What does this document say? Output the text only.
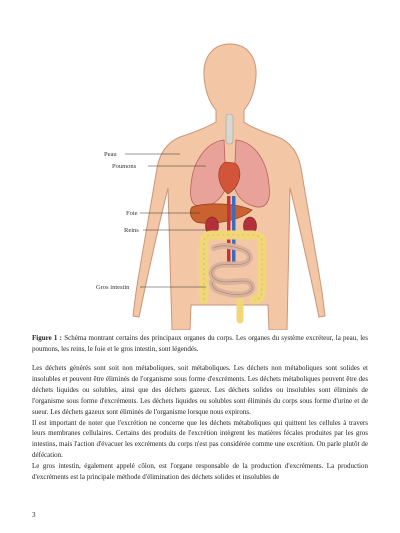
Peau
Poumons
Foie
Reins
Gros intestin

Figure 1 : Schéma montrant certains des principaux organes du corps. Les organes du système excréteur, la peau, les poumons, les reins, le foie et le gros intestin, sont légendés.

Les déchets générés sont soit non métaboliques, soit métaboliques. Les déchets non métaboliques sont solides et insolubles et peuvent être éliminés de l'organisme sous forme d'excréments. Les déchets métaboliques peuvent être des déchets liquides ou solubles, ainsi que des déchets gazeux. Les déchets solides ou insolubles sont éliminés de l'organisme sous forme d'excréments. Les déchets liquides ou solubles sont éliminés du corps sous forme d'urine et de sueur. Les déchets gazeux sont éliminés de l'organisme lorsque nous expirons.

Il est important de noter que l'excrétion ne concerne que les déchets métaboliques qui quittent les cellules à travers leurs membranes cellulaires. Certains des produits de l'excrétion intègrent les matières fécales produites par les gros intestins, mais l'action d'évacuer les excréments du corps n'est pas considérée comme une excrétion. On parle plutôt de défécation.

Le gros intestin, également appelé côlon, est l'organe responsable de la production d'excréments. La production d'excréments est la principale méthode d'élimination des déchets solides et insolubles de

3
